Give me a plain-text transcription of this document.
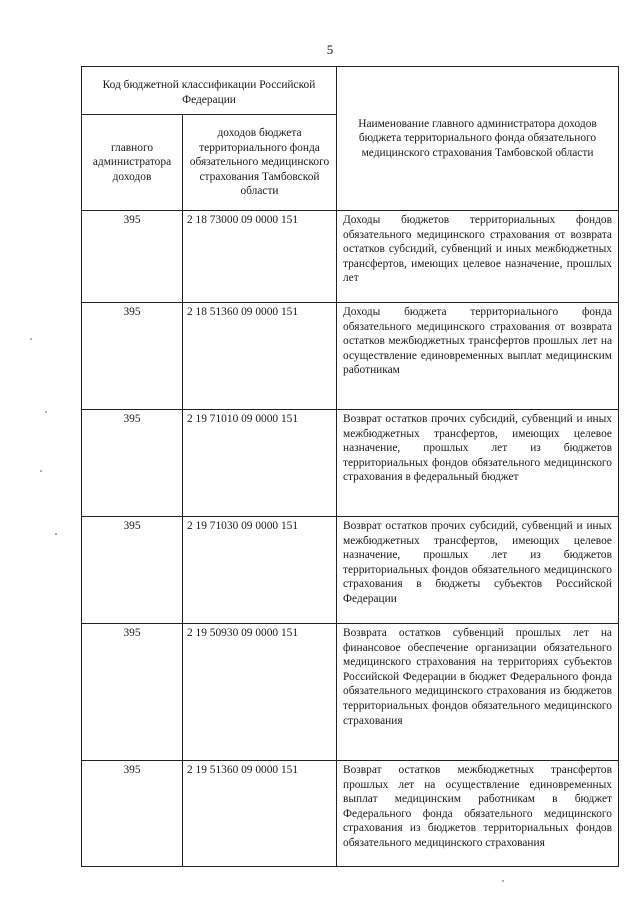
5
Код бюджетной классификации Российской Федерации		Наименование главного администратора доходов бюджета территориального фонда обязательного медицинского страхования Тамбовской области
главного администратора доходов	доходов бюджета территориального фонда обязательного медицинского страхования Тамбовской области	
395	2 18 73000 09 0000 151	Доходы бюджетов территориальных фондов обязательного медицинского страхования от возврата остатков субсидий, субвенций и иных межбюджетных трансфертов, имеющих целевое назначение, прошлых лет
395	2 18 51360 09 0000 151	Доходы бюджета территориального фонда обязательного медицинского страхования от возврата остатков межбюджетных трансфертов прошлых лет на осуществление единовременных выплат медицинским работникам
395	2 19 71010 09 0000 151	Возврат остатков прочих субсидий, субвенций и иных межбюджетных трансфертов, имеющих целевое назначение, прошлых лет из бюджетов территориальных фондов обязательного медицинского страхования в федеральный бюджет
395	2 19 71030 09 0000 151	Возврат остатков прочих субсидий, субвенций и иных межбюджетных трансфертов, имеющих целевое назначение, прошлых лет из бюджетов территориальных фондов обязательного медицинского страхования в бюджеты субъектов Российской Федерации
395	2 19 50930 09 0000 151	Возврата остатков субвенций прошлых лет на финансовое обеспечение организации обязательного медицинского страхования на территориях субъектов Российской Федерации в бюджет Федерального фонда обязательного медицинского страхования из бюджетов территориальных фондов обязательного медицинского страхования
395	2 19 51360 09 0000 151	Возврат остатков межбюджетных трансфертов прошлых лет на осуществление единовременных выплат медицинским работникам в бюджет Федерального фонда обязательного медицинского страхования из бюджетов территориальных фондов обязательного медицинского страхования
